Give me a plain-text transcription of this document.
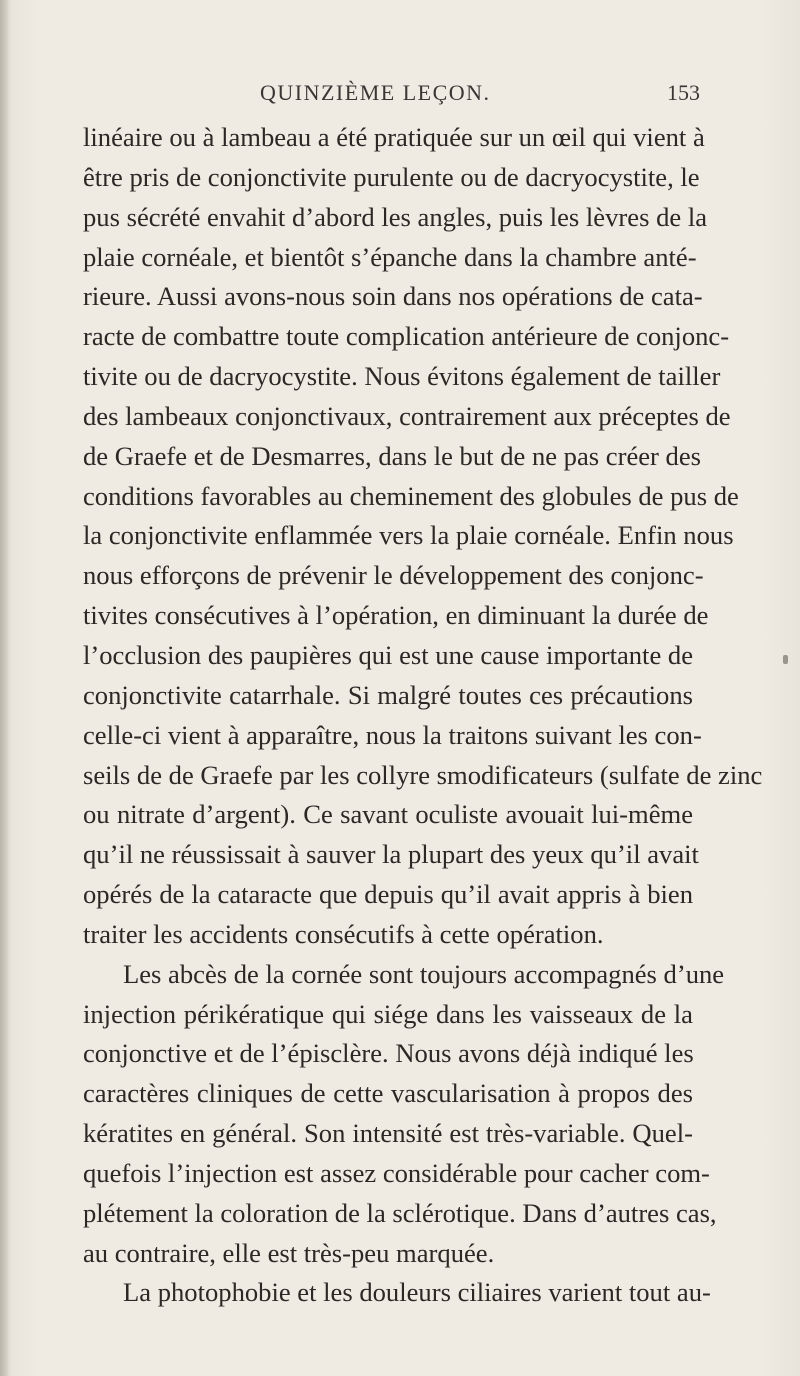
QUINZIÈME LEÇON.	153
linéaire ou à lambeau a été pratiquée sur un œil qui vient à
être pris de conjonctivite purulente ou de dacryocystite, le
pus sécrété envahit d’abord les angles, puis les lèvres de la
plaie cornéale, et bientôt s’épanche dans la chambre anté-
rieure. Aussi avons-nous soin dans nos opérations de cata-
racte de combattre toute complication antérieure de conjonc-
tivite ou de dacryocystite. Nous évitons également de tailler
des lambeaux conjonctivaux, contrairement aux préceptes de
de Graefe et de Desmarres, dans le but de ne pas créer des
conditions favorables au cheminement des globules de pus de
la conjonctivite enflammée vers la plaie cornéale. Enfin nous
nous efforçons de prévenir le développement des conjonc-
tivites consécutives à l’opération, en diminuant la durée de
l’occlusion des paupières qui est une cause importante de
conjonctivite catarrhale. Si malgré toutes ces précautions
celle-ci vient à apparaître, nous la traitons suivant les con-
seils de de Graefe par les collyre smodificateurs (sulfate de zinc
ou nitrate d’argent). Ce savant oculiste avouait lui-même
qu’il ne réussissait à sauver la plupart des yeux qu’il avait
opérés de la cataracte que depuis qu’il avait appris à bien
traiter les accidents consécutifs à cette opération.
Les abcès de la cornée sont toujours accompagnés d’une
injection périkératique qui siége dans les vaisseaux de la
conjonctive et de l’épisclère. Nous avons déjà indiqué les
caractères cliniques de cette vascularisation à propos des
kératites en général. Son intensité est très-variable. Quel-
quefois l’injection est assez considérable pour cacher com-
plétement la coloration de la sclérotique. Dans d’autres cas,
au contraire, elle est très-peu marquée.
La photophobie et les douleurs ciliaires varient tout au-
